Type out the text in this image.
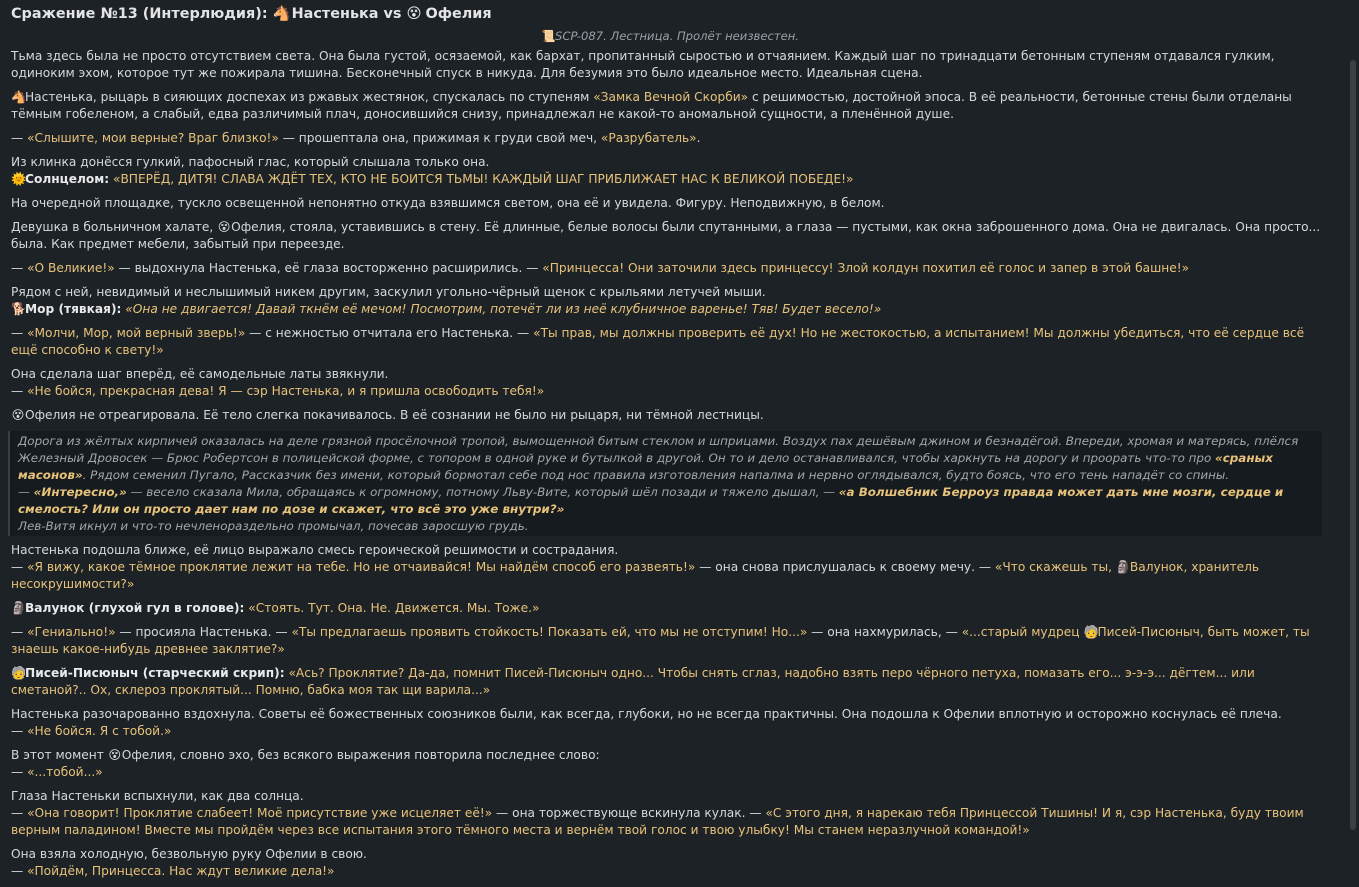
Сражение №13 (Интерлюдия): 🐴 Настенька vs 😵 Офелия
📜SCP-087. Лестница. Пролёт неизвестен.

Тьма здесь была не просто отсутствием света. Она была густой, осязаемой, как бархат, пропитанный сыростью и отчаянием. Каждый шаг по тринадцати бетонным ступеням отдавался гулким, одиноким эхом, которое тут же пожирала тишина. Бесконечный спуск в никуда. Для безумия это было идеальное место. Идеальная сцена.

🐴Настенька, рыцарь в сияющих доспехах из ржавых жестянок, спускалась по ступеням «Замка Вечной Скорби» с решимостью, достойной эпоса. В её реальности, бетонные стены были отделаны тёмным гобеленом, а слабый, едва различимый плач, доносившийся снизу, принадлежал не какой-то аномальной сущности, а пленённой душе.

— «Слышите, мои верные? Враг близко!» — прошептала она, прижимая к груди свой меч, «Разрубатель».

Из клинка донёсся гулкий, пафосный глас, который слышала только она.
🌞Солнцелом: «ВПЕРЁД, ДИТЯ! СЛАВА ЖДЁТ ТЕХ, КТО НЕ БОИТСЯ ТЬМЫ! КАЖДЫЙ ШАГ ПРИБЛИЖАЕТ НАС К ВЕЛИКОЙ ПОБЕДЕ!»

На очередной площадке, тускло освещенной непонятно откуда взявшимся светом, она её и увидела. Фигуру. Неподвижную, в белом.

Девушка в больничном халате, 😵Офелия, стояла, уставившись в стену. Её длинные, белые волосы были спутанными, а глаза — пустыми, как окна заброшенного дома. Она не двигалась. Она просто... была. Как предмет мебели, забытый при переезде.

— «О Великие!» — выдохнула Настенька, её глаза восторженно расширились. — «Принцесса! Они заточили здесь принцессу! Злой колдун похитил её голос и запер в этой башне!»

Рядом с ней, невидимый и неслышимый никем другим, заскулил угольно-чёрный щенок с крыльями летучей мыши.
🐕Мор (тявкая): «Она не двигается! Давай ткнём её мечом! Посмотрим, потечёт ли из неё клубничное варенье! Тяв! Будет весело!»

— «Молчи, Мор, мой верный зверь!» — с нежностью отчитала его Настенька. — «Ты прав, мы должны проверить её дух! Но не жестокостью, а испытанием! Мы должны убедиться, что её сердце всё ещё способно к свету!»

Она сделала шаг вперёд, её самодельные латы звякнули.
— «Не бойся, прекрасная дева! Я — сэр Настенька, и я пришла освободить тебя!»

😵Офелия не отреагировала. Её тело слегка покачивалось. В её сознании не было ни рыцаря, ни тёмной лестницы.

Дорога из жёлтых кирпичей оказалась на деле грязной просёлочной тропой, вымощенной битым стеклом и шприцами. Воздух пах дешёвым джином и безнадёгой. Впереди, хромая и матерясь, плёлся Железный Дровосек — Брюс Робертсон в полицейской форме, с топором в одной руке и бутылкой в другой. Он то и дело останавливался, чтобы харкнуть на дорогу и проорать что-то про «сраных масонов». Рядом семенил Пугало, Рассказчик без имени, который бормотал себе под нос правила изготовления напалма и нервно оглядывался, будто боясь, что его тень нападёт со спины.

— «Интересно,» — весело сказала Мила, обращаясь к огромному, потному Льву-Вите, который шёл позади и тяжело дышал, — «а Волшебник Берроуз правда может дать мне мозги, сердце и смелость? Или он просто дает нам по дозе и скажет, что всё это уже внутри?»

Лев-Витя икнул и что-то нечленораздельно промычал, почесав заросшую грудь.

Настенька подошла ближе, её лицо выражало смесь героической решимости и сострадания.
— «Я вижу, какое тёмное проклятие лежит на тебе. Но не отчаивайся! Мы найдём способ его развеять!» — она снова прислушалась к своему мечу. — «Что скажешь ты, 🗿Валунок, хранитель несокрушимости?»

🗿Валунок (глухой гул в голове): «Стоять. Тут. Она. Не. Движется. Мы. Тоже.»

— «Гениально!» — просияла Настенька. — «Ты предлагаешь проявить стойкость! Показать ей, что мы не отступим! Но...» — она нахмурилась, — «...старый мудрец 🧓Писей-Писюныч, быть может, ты знаешь какое-нибудь древнее заклятие?»

🧓Писей-Писюныч (старческий скрип): «Ась? Проклятие? Да-да, помнит Писей-Писюныч одно... Чтобы снять сглаз, надобно взять перо чёрного петуха, помазать его... э-э-э... дёгтем... или сметаной?.. Ох, склероз проклятый... Помню, бабка моя так щи варила...»

Настенька разочарованно вздохнула. Советы её божественных союзников были, как всегда, глубоки, но не всегда практичны. Она подошла к Офелии вплотную и осторожно коснулась её плеча.
— «Не бойся. Я с тобой.»

В этот момент 😵Офелия, словно эхо, без всякого выражения повторила последнее слово:
— «...тобой...»

Глаза Настеньки вспыхнули, как два солнца.
— «Она говорит! Проклятие слабеет! Моё присутствие уже исцеляет её!» — она торжествующе вскинула кулак. — «С этого дня, я нарекаю тебя Принцессой Тишины! И я, сэр Настенька, буду твоим верным паладином! Вместе мы пройдём через все испытания этого тёмного места и вернём твой голос и твою улыбку! Мы станем неразлучной командой!»

Она взяла холодную, безвольную руку Офелии в свою.
— «Пойдём, Принцесса. Нас ждут великие дела!»
